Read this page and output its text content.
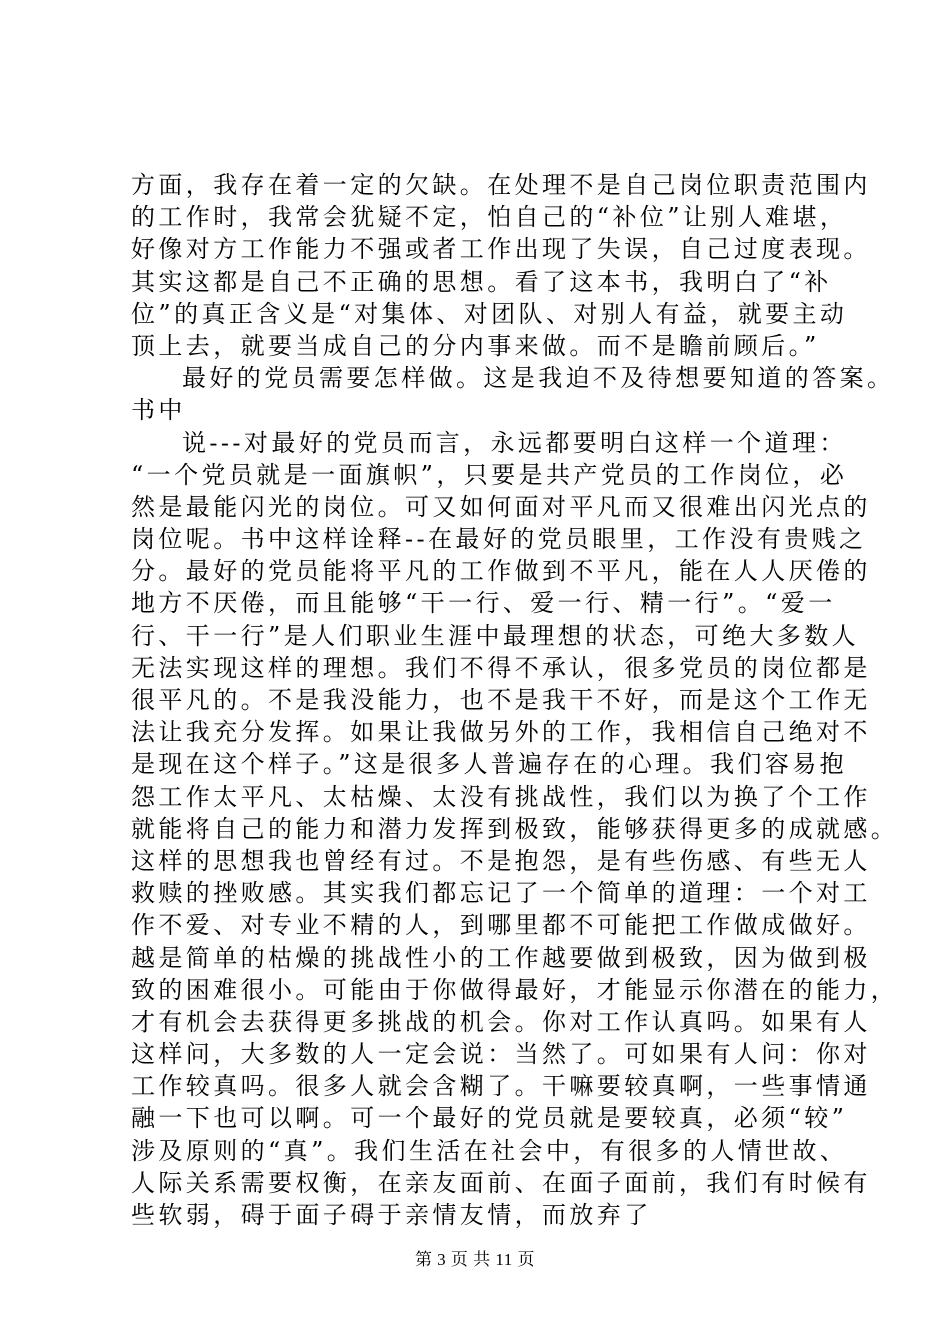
方面，我存在着一定的欠缺。在处理不是自己岗位职责范围内
的工作时，我常会犹疑不定，怕自己的“补位”让别人难堪，
好像对方工作能力不强或者工作出现了失误，自己过度表现。
其实这都是自己不正确的思想。看了这本书，我明白了“补
位”的真正含义是“对集体、对团队、对别人有益，就要主动
顶上去，就要当成自己的分内事来做。而不是瞻前顾后。”
最好的党员需要怎样做。这是我迫不及待想要知道的答案。
书中
说---对最好的党员而言，永远都要明白这样一个道理：
“一个党员就是一面旗帜”，只要是共产党员的工作岗位，必
然是最能闪光的岗位。可又如何面对平凡而又很难出闪光点的
岗位呢。书中这样诠释--在最好的党员眼里，工作没有贵贱之
分。最好的党员能将平凡的工作做到不平凡，能在人人厌倦的
地方不厌倦，而且能够“干一行、爱一行、精一行”。“爱一
行、干一行”是人们职业生涯中最理想的状态，可绝大多数人
无法实现这样的理想。我们不得不承认，很多党员的岗位都是
很平凡的。不是我没能力，也不是我干不好，而是这个工作无
法让我充分发挥。如果让我做另外的工作，我相信自己绝对不
是现在这个样子。”这是很多人普遍存在的心理。我们容易抱
怨工作太平凡、太枯燥、太没有挑战性，我们以为换了个工作
就能将自己的能力和潜力发挥到极致，能够获得更多的成就感。
这样的思想我也曾经有过。不是抱怨，是有些伤感、有些无人
救赎的挫败感。其实我们都忘记了一个简单的道理：一个对工
作不爱、对专业不精的人，到哪里都不可能把工作做成做好。
越是简单的枯燥的挑战性小的工作越要做到极致，因为做到极
致的困难很小。可能由于你做得最好，才能显示你潜在的能力，
才有机会去获得更多挑战的机会。你对工作认真吗。如果有人
这样问，大多数的人一定会说：当然了。可如果有人问：你对
工作较真吗。很多人就会含糊了。干嘛要较真啊，一些事情通
融一下也可以啊。可一个最好的党员就是要较真，必须“较”
涉及原则的“真”。我们生活在社会中，有很多的人情世故、
人际关系需要权衡，在亲友面前、在面子面前，我们有时候有
些软弱，碍于面子碍于亲情友情，而放弃了
第 3 页 共 11 页
